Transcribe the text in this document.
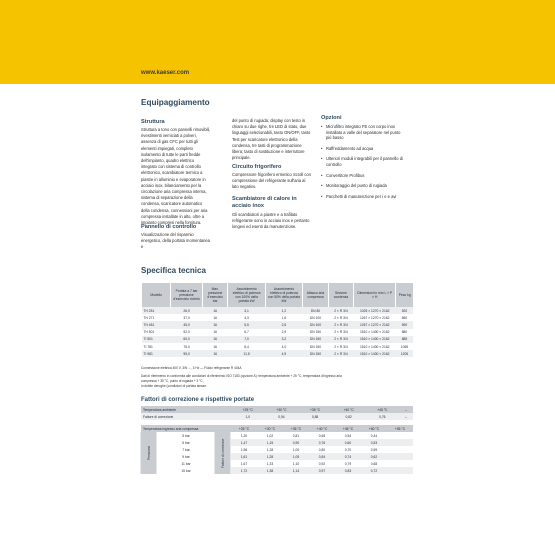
www.kaeser.com
Equipaggiamento
Struttura
Struttura a tono con pannelli rimovibili, rivestimenti verniciati a polveri, assenza di gas CFC per tutti gli elementi impiegati, completo isolamento di tutte le parti fredde dell'impianto, quadro elettrico integrato con sistema di controllo elettronico, scambiatore termico a piastre in alluminio e evaporatore in acciaio inox, bilanciamento per la circolazione aria compressa interna, sistema di separazione della condensa, scaricatore automatico della condensa, connessioni per aria compressa installate in alto, oltre a impianto compresi nella fornitura.
Pannello di controllo
Visualizzazione del risparmio energetico, della portata momentanea e
del punto di rugiada; display con testo in chiaro su due righe, tre LED di stato, due linguaggi selezionabili, tasto ON/OFF, tasto Test per scaricatore elettronico della condensa, tre tasti di programmazione libera; tasto di sostituzione e interruttore principale.
Circuito frigorifero
Compressore frigorifero ermetico Scroll con compressione del refrigerante sull'aria al lato negativo.
Scambiatore di calore in acciaio inox
Gli scambiatori a piastre e a trafilato refrigerante sono in acciaio inox e pertanto longevi ed esenti da manutenzione.
Opzioni
• Microfiltro integrato FE con corpo inox installato a valle del separatore nel punto più basso
• Raffreddamento ad acqua
• Ulteriori moduli integrabili per il pannello di controllo
• Convertitore Profibus
• Monitoraggio del punto di rugiada
• Pacchetti di manutenzione per i e e avi
Specifica tecnica
Modello	Portata a 7 bar pressione d'esercizio m³/min	Max. pressione d'esercizio bar	Assorbimento elettrico di potenza con 100% della portata kW	Assorbimento elettrico di potenza con 50% della portata kW	Attacco aria compressa	Sezione condensa	Dimensioni in mm L × P × H	Peso kg
TH 251	26,0	16	3,1	1,2	DN 80	2 × R 3/4	1025 × 1270 × 2162	520
TH 271	37,0	16	4,3	1,6	DN 100	2 × R 3/4	1267 × 1270 × 2162	650
TH 451	45,0	16	5,5	2,5	DN 100	2 × R 3/4	1267 × 1270 × 2162	690
TH 501	52,0	16	6,7	2,9	DN 150	2 × R 3/4	1510 × 1400 × 2162	880
TI 501	60,0	16	7,0	3,2	DN 150	2 × R 3/4	1510 × 1400 × 2162	885
TI 781	75,0	16	8,4	4,0	DN 150	2 × R 3/4	1510 × 1400 × 2162	1065
TI 981	95,0	16	11,5	4,9	DN 150	2 × R 3/4	1510 × 1400 × 2162	1205
Connessione elettrica 400 V, 3/N ∼, 3 Hz — Fluido refrigerante R 404A
Dati di riferimento in conformità alle condizioni di riferimento ISO 7183 (opzione A): temperatura ambiente + 25 °C, temperatura d'ingresso aria compressa + 35 °C, punto di rugiada + 3 °C,
in debite deroghe (condizioni di portata stesse.
Fattori di correzione e rispettive portate
Temperatura ambiente	+25 °C	+30 °C	+35 °C	+40 °C	+45 °C	–
Fattore di correzione	1,0	0,94	0,88	0,82	0,76	–
Temperatura ingresso aria compressa			+25 °C	+30 °C	+35 °C	+40 °C	+45 °C	+50 °C	+55 °C
Pressione	5 bar	Fattore di correzione	1,20	1,02	0,81	0,65	0,54	0,44	
	5 bar		1,47	1,15	0,90	0,76	0,60	0,53	
	7 bar		1,56	1,28	1,00	0,80	0,70	0,59	
	9 bar		1,61	1,28	1,05	0,84	0,74	0,62	
	11 bar		1,67	1,33	1,10	0,92	0,79	0,68	
	15 bar		1,72	1,38	1,14	0,97	0,83	0,72	
